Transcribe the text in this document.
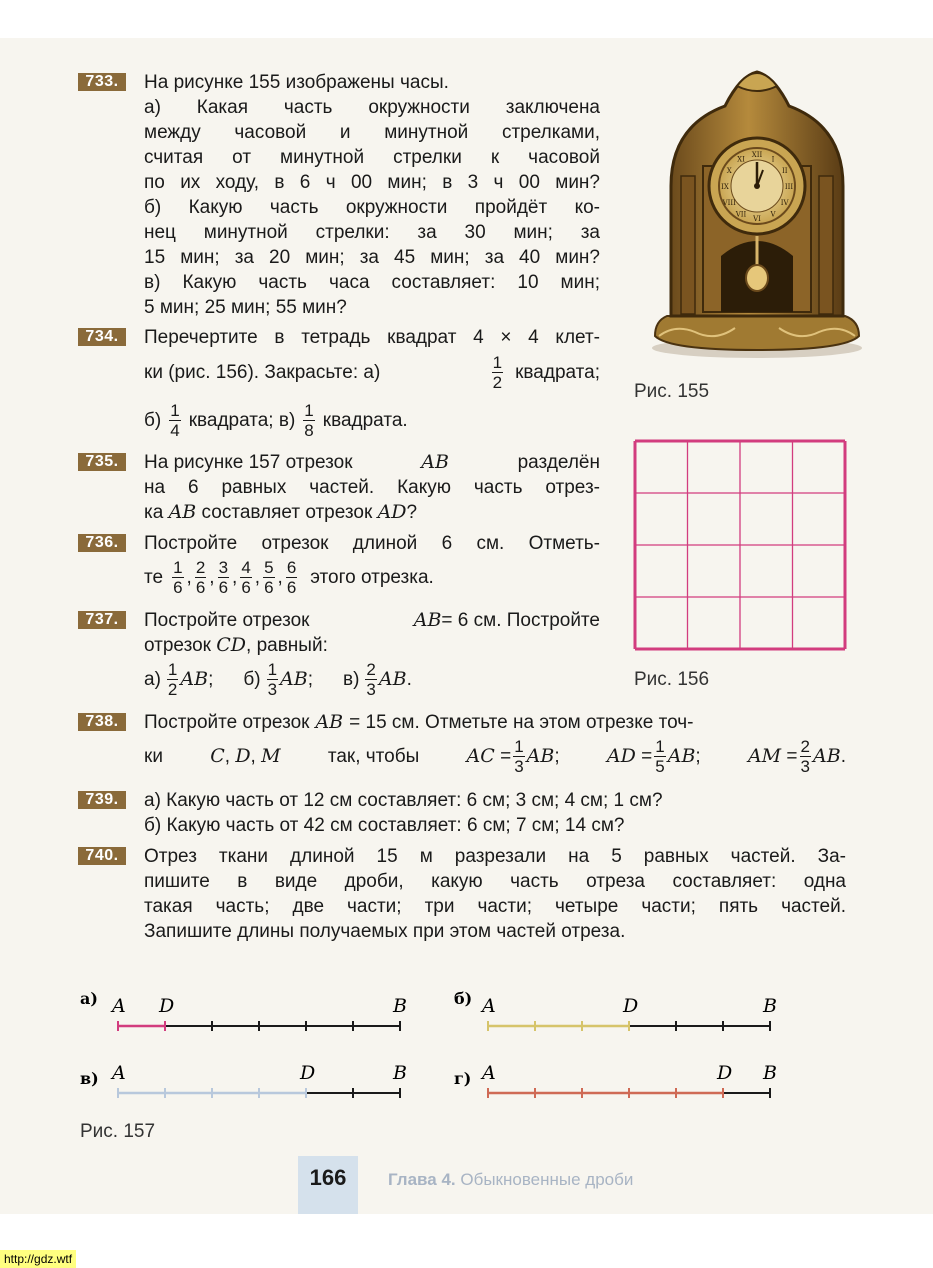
733.	На рисунке 155 изображены часы.
а) Какая часть окружности заключена
между часовой и минутной стрелками,
считая от минутной стрелки к часовой
по их ходу, в 6 ч 00 мин; в 3 ч 00 мин?
б) Какую часть окружности пройдёт ко-
нец минутной стрелки: за 30 мин; за
15 мин; за 20 мин; за 45 мин; за 40 мин?
в) Какую часть часа составляет: 10 мин;
5 мин; 25 мин; 55 мин?
734.	Перечертите в тетрадь квадрат 4 × 4 клет-
ки (рис. 156). Закрасьте: а)	$\frac{1}{2}$ квадрата;
$б) \frac{1}{4}$ квадрата; $в) \frac{1}{8}$ квадрата.
735.	На рисунке 157 отрезок	AB	разделён
на 6 равных частей. Какую часть отрез-
ка AB составляет отрезок AD?
736.	Постройте отрезок длиной 6 см. Отметь-
те $\frac{1}{6}$ , $\frac{2}{6}$ , $\frac{3}{6}$ , $\frac{4}{6}$ , $\frac{5}{6}$ , $\frac{6}{6}$ этого отрезка.
737.	Постройте отрезок	AB= 6 см. Постройте
отрезок CD, равный:
$а) \frac{1}{2}$ AB ; $б) \frac{1}{3}$ AB ; $в) \frac{2}{3}$ AB .
738.	Постройте отрезок AB = 15 см. Отметьте на этом отрезке точ-
ки C, D, M так, чтобы AC
= $\frac{1}{3}$ AB ; AD
= $\frac{1}{5}$ AB ; AM
= $\frac{2}{3}$ AB .
739.	а) Какую часть от 12 см составляет: 6 см; 3 см; 4 см; 1 см?
б) Какую часть от 42 см составляет: 6 см; 7 см; 14 см?
740.	Отрез ткани длиной 15 м разрезали на 5 равных частей. За-
пишите в виде дроби, какую часть отреза составляет: одна
такая часть; две части; три части; четыре части; пять частей.
Запишите длины получаемых при этом частей отреза.
XII
I
II
III
IV
V
VI
VII
VIII
IX
X
XI
Рис. 155
Рис. 156
а) A D	B	б) A	D	B
в) A	D	B	г) A	D B
Рис. 157
166	Глава 4. Обыкновенные дроби
http://gdz.wtf
